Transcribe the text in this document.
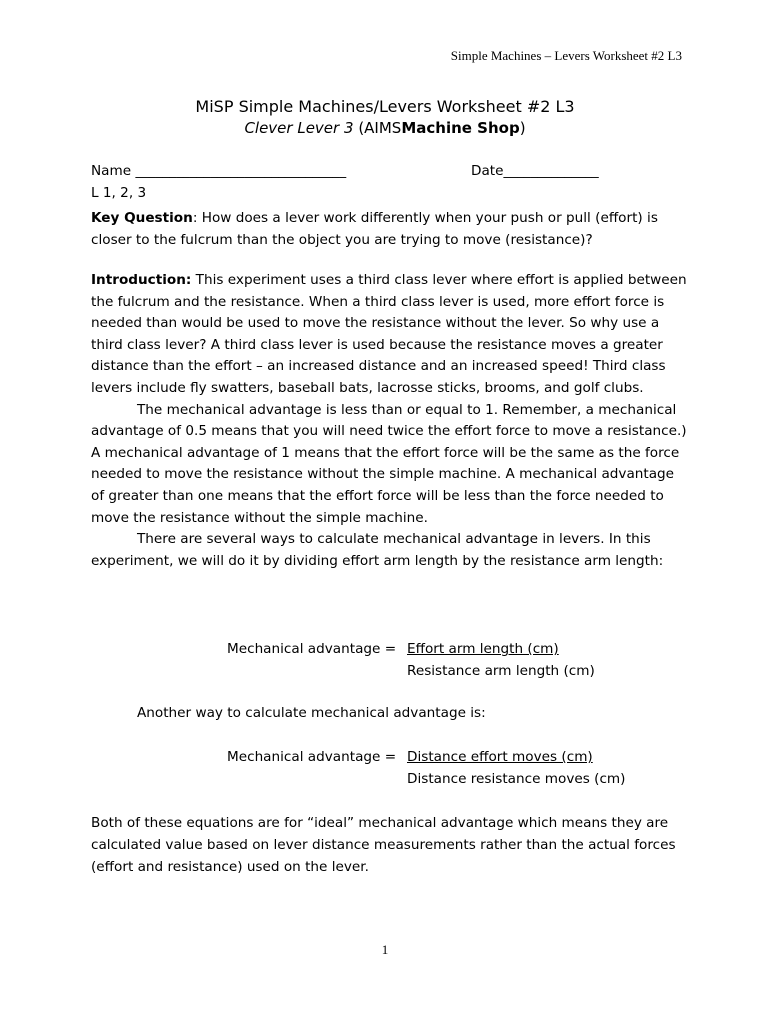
Simple Machines – Levers Worksheet #2 L3
MiSP Simple Machines/Levers Worksheet #2 L3
Clever Lever 3 (AIMSMachine Shop)
Name _______________________________	Date______________
L 1, 2, 3
Key Question: How does a lever work differently when your push or pull (effort) is closer to the fulcrum than the object you are trying to move (resistance)?

Introduction: This experiment uses a third class lever where effort is applied between the fulcrum and the resistance. When a third class lever is used, more effort force is needed than would be used to move the resistance without the lever. So why use a third class lever? A third class lever is used because the resistance moves a greater distance than the effort – an increased distance and an increased speed! Third class levers include fly swatters, baseball bats, lacrosse sticks, brooms, and golf clubs.

The mechanical advantage is less than or equal to 1. Remember, a mechanical advantage of 0.5 means that you will need twice the effort force to move a resistance.) A mechanical advantage of 1 means that the effort force will be the same as the force needed to move the resistance without the simple machine. A mechanical advantage of greater than one means that the effort force will be less than the force needed to move the resistance without the simple machine.

There are several ways to calculate mechanical advantage in levers. In this experiment, we will do it by dividing effort arm length by the resistance arm length:

Mechanical advantage = Effort arm length (cm)
Resistance arm length (cm)
Another way to calculate mechanical advantage is:
Mechanical advantage = Distance effort moves (cm)
Distance resistance moves (cm)
Both of these equations are for “ideal” mechanical advantage which means they are calculated value based on lever distance measurements rather than the actual forces (effort and resistance) used on the lever.
1
